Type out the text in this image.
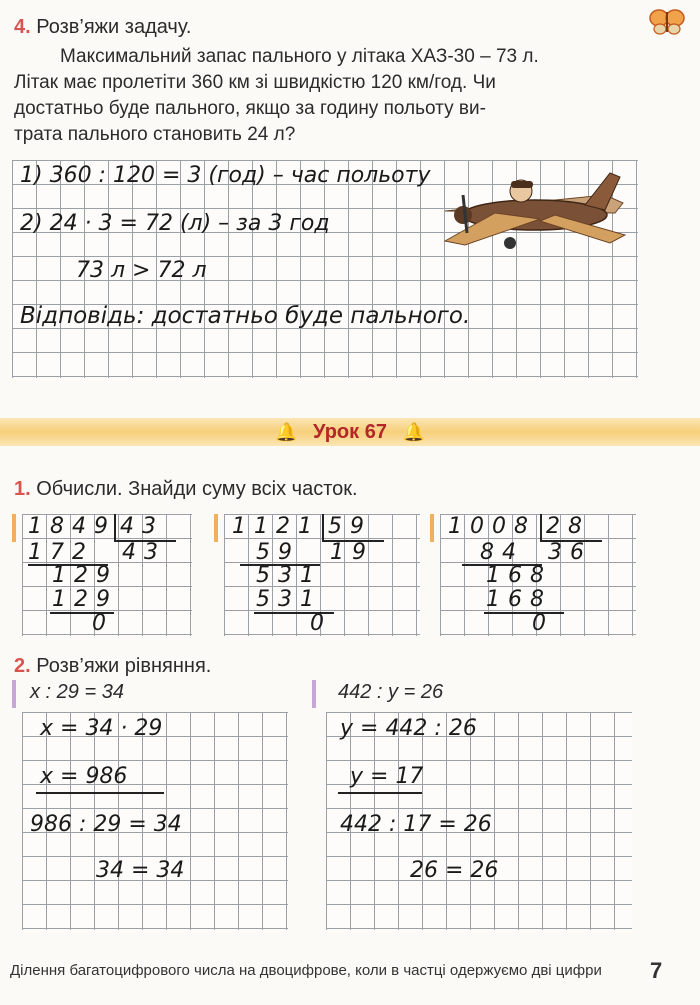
4. Розв’яжи задачу.
Максимальний запас пального у літака ХАЗ-30 – 73 л.
Літак має пролетіти 360 км зі швидкістю 120 км/год. Чи
достатньо буде пального, якщо за годину польоту ви-
трата пального становить 24 л?
1) 360 : 120 = 3 (год) – час польоту
2) 24 · 3 = 72 (л) – за 3 год
73 л > 72 л
Відповідь: достатньо буде пального.
🔔 Урок 67 🔔
1. Обчисли. Знайди суму всіх часток.
1849 43
172 43
129
129
0
1121 59
59 19
531
531
0
1008 28
84 36
168
168
0
2. Розв’яжи рівняння.
x : 29 = 34	442 : y = 26
x = 34 · 29
x = 986
986 : 29 = 34
34 = 34
y = 442 : 26
y = 17
442 : 17 = 26
26 = 26
Ділення багатоцифрового числа на двоцифрове, коли в частці одержуємо дві цифри 7
